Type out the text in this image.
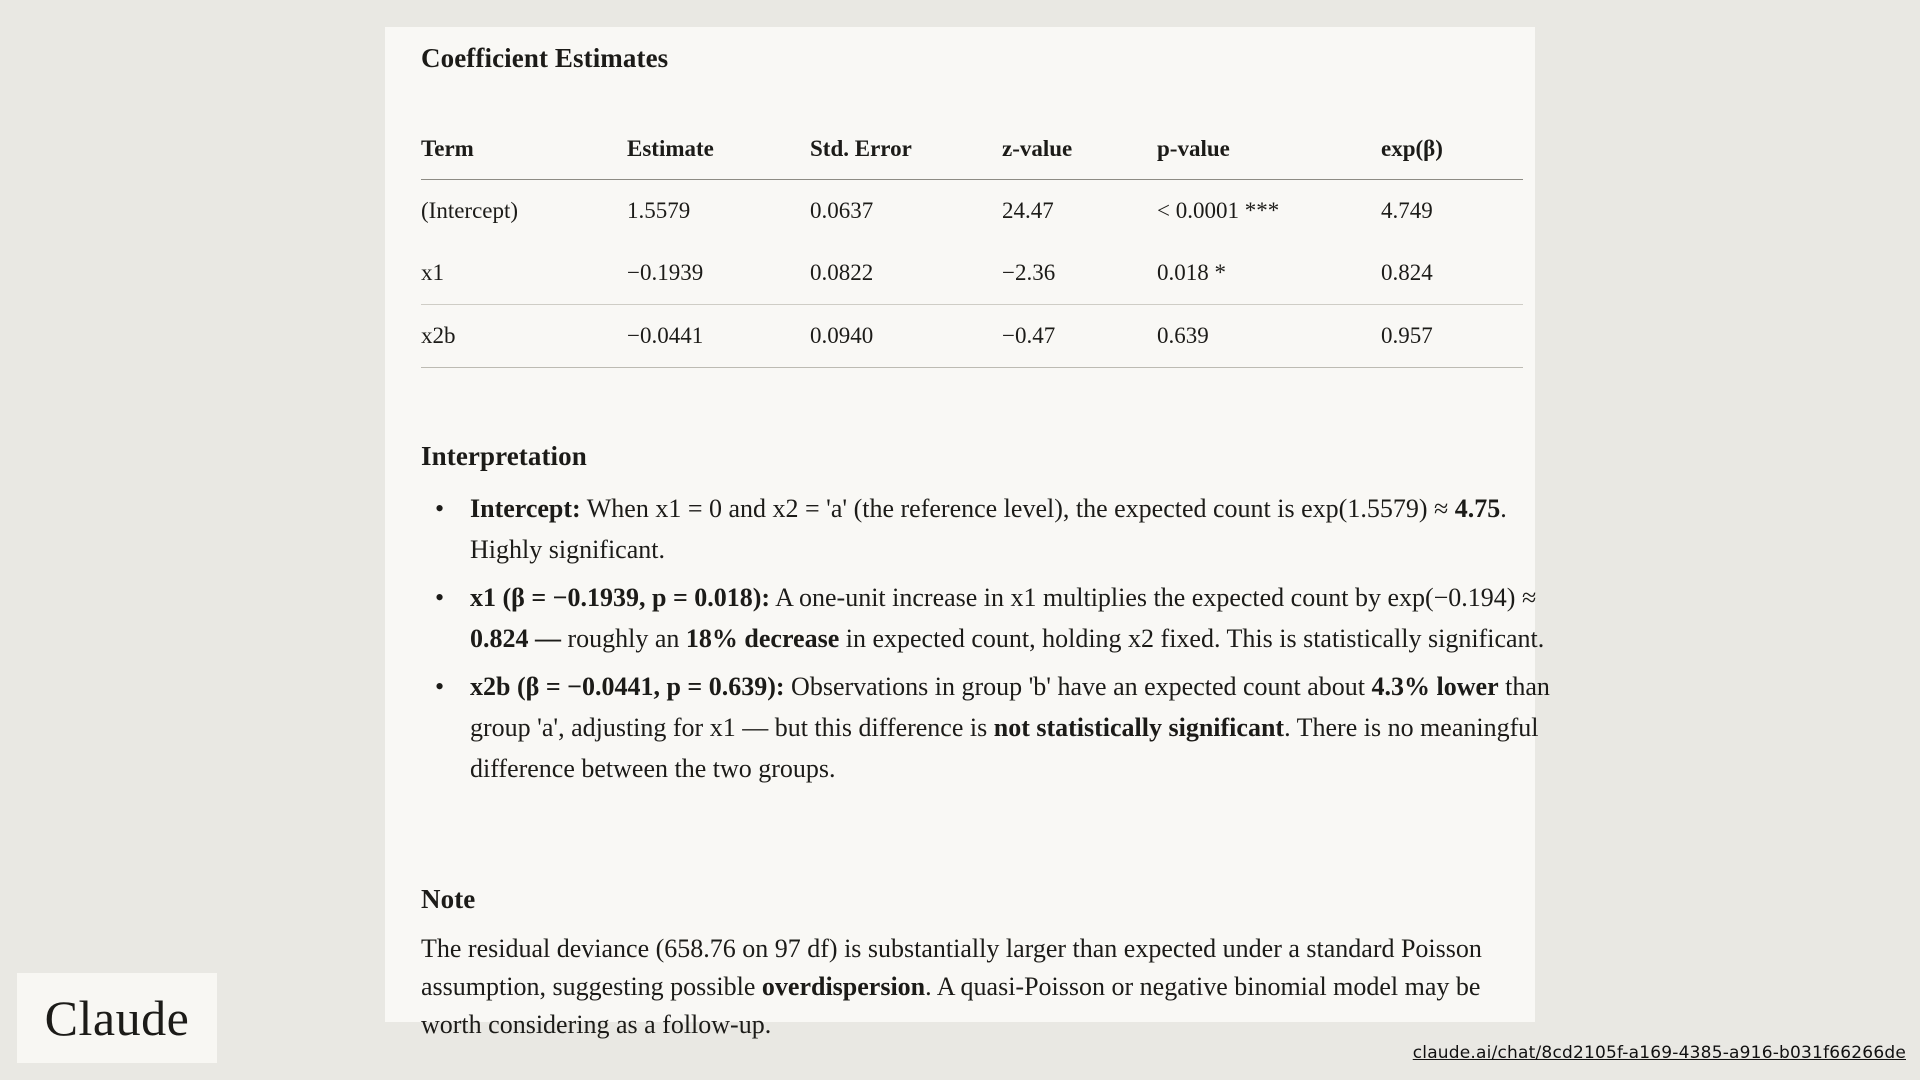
Coefficient Estimates
Term	Estimate	Std. Error	z-value	p-value	exp(β)
(Intercept)	1.5579	0.0637	24.47	< 0.0001 ***	4.749
x1	−0.1939	0.0822	−2.36	0.018 *	0.824
x2b	−0.0441	0.0940	−0.47	0.639	0.957
Interpretation
• Intercept: When x1 = 0 and x2 = 'a' (the reference level), the expected count is exp(1.5579) ≈ 4.75. Highly significant.
• x1 (β = −0.1939, p = 0.018): A one-unit increase in x1 multiplies the expected count by exp(−0.194) ≈ 0.824 — roughly an 18% decrease in expected count, holding x2 fixed. This is statistically significant.
• x2b (β = −0.0441, p = 0.639): Observations in group 'b' have an expected count about 4.3% lower than group 'a', adjusting for x1 — but this difference is not statistically significant. There is no meaningful difference between the two groups.
Note

The residual deviance (658.76 on 97 df) is substantially larger than expected under a standard Poisson assumption, suggesting possible overdispersion. A quasi-Poisson or negative binomial model may be worth considering as a follow-up.

Claude
claude.ai/chat/8cd2105f-a169-4385-a916-b031f66266de
